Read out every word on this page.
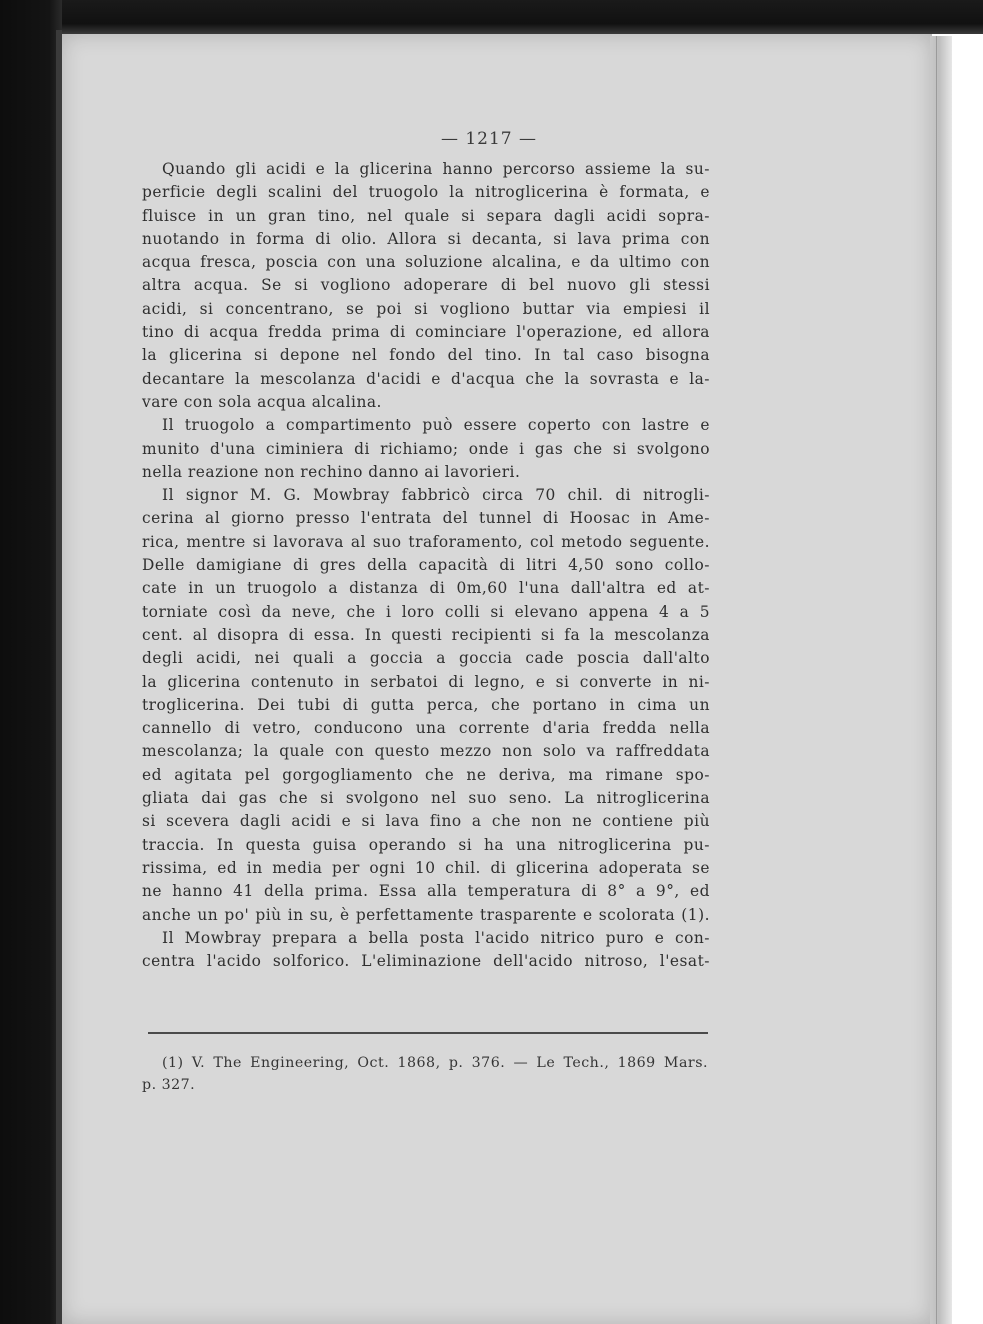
— 1217 —

Quando gli acidi e la glicerina hanno percorso assieme la su-
perficie degli scalini del truogolo la nitroglicerina è formata, e
fluisce in un gran tino, nel quale si separa dagli acidi sopra-
nuotando in forma di olio. Allora si decanta, si lava prima con
acqua fresca, poscia con una soluzione alcalina, e da ultimo con
altra acqua. Se si vogliono adoperare di bel nuovo gli stessi
acidi, si concentrano, se poi si vogliono buttar via empiesi il
tino di acqua fredda prima di cominciare l'operazione, ed allora
la glicerina si depone nel fondo del tino. In tal caso bisogna
decantare la mescolanza d'acidi e d'acqua che la sovrasta e la-
vare con sola acqua alcalina.
Il truogolo a compartimento può essere coperto con lastre e
munito d'una ciminiera di richiamo; onde i gas che si svolgono
nella reazione non rechino danno ai lavorieri.
Il signor M. G. Mowbray fabbricò circa 70 chil. di nitrogli-
cerina al giorno presso l'entrata del tunnel di Hoosac in Ame-
rica, mentre si lavorava al suo traforamento, col metodo seguente.
Delle damigiane di gres della capacità di litri 4,50 sono collo-
cate in un truogolo a distanza di 0m,60 l'una dall'altra ed at-
torniate così da neve, che i loro colli si elevano appena 4 a 5
cent. al disopra di essa. In questi recipienti si fa la mescolanza
degli acidi, nei quali a goccia a goccia cade poscia dall'alto
la glicerina contenuto in serbatoi di legno, e si converte in ni-
troglicerina. Dei tubi di gutta perca, che portano in cima un
cannello di vetro, conducono una corrente d'aria fredda nella
mescolanza; la quale con questo mezzo non solo va raffreddata
ed agitata pel gorgogliamento che ne deriva, ma rimane spo-
gliata dai gas che si svolgono nel suo seno. La nitroglicerina
si scevera dagli acidi e si lava fino a che non ne contiene più
traccia. In questa guisa operando si ha una nitroglicerina pu-
rissima, ed in media per ogni 10 chil. di glicerina adoperata se
ne hanno 41 della prima. Essa alla temperatura di 8° a 9°, ed
anche un po' più in su, è perfettamente trasparente e scolorata (1).
Il Mowbray prepara a bella posta l'acido nitrico puro e con-
centra l'acido solforico. L'eliminazione dell'acido nitroso, l'esat-
(1) V. The Engineering, Oct. 1868, p. 376. — Le Tech., 1869 Mars.
p. 327.
